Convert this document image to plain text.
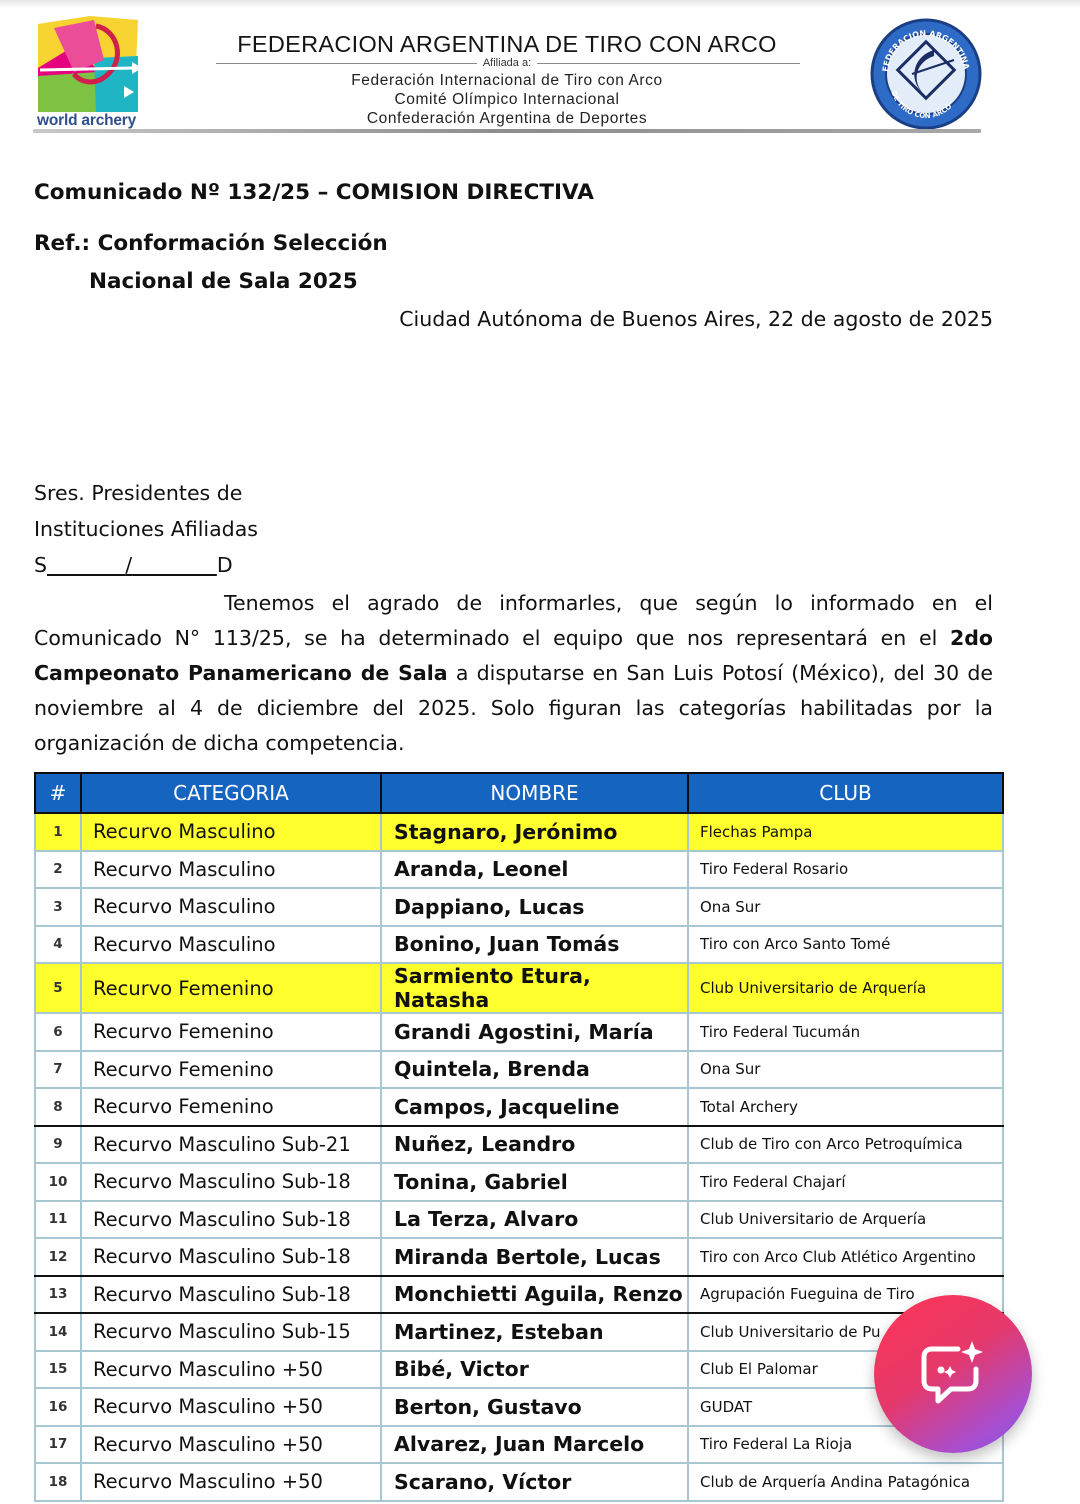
world archery
FEDERACION ARGENTINA DE TIRO CON ARCO
Afiliada a:
Federación Internacional de Tiro con Arco
Comité Olímpico Internacional
Confederación Argentina de Deportes
FEDERACION ARGENTINA
DE TIRO CON ARCO
Comunicado Nº 132/25 – COMISION DIRECTIVA
Ref.: Conformación Selección
Nacional de Sala 2025
Ciudad Autónoma de Buenos Aires, 22 de agosto de 2025
Sres. Presidentes de
Instituciones Afiliadas
S	/	D
Tenemos el agrado de informarles, que según lo informado en el Comunicado N° 113/25, se ha determinado el equipo que nos representará en el 2do Campeonato Panamericano de Sala a disputarse en San Luis Potosí (México), del 30 de noviembre al 4 de diciembre del 2025. Solo figuran las categorías habilitadas por la organización de dicha competencia.
#	CATEGORIA	NOMBRE	CLUB
1	Recurvo Masculino	Stagnaro, Jerónimo	Flechas Pampa
2	Recurvo Masculino	Aranda, Leonel	Tiro Federal Rosario
3	Recurvo Masculino	Dappiano, Lucas	Ona Sur
4	Recurvo Masculino	Bonino, Juan Tomás	Tiro con Arco Santo Tomé
5	Recurvo Femenino	Sarmiento Etura, Natasha	Club Universitario de Arquería
6	Recurvo Femenino	Grandi Agostini, María	Tiro Federal Tucumán
7	Recurvo Femenino	Quintela, Brenda	Ona Sur
8	Recurvo Femenino	Campos, Jacqueline	Total Archery
9	Recurvo Masculino Sub-21	Nuñez, Leandro	Club de Tiro con Arco Petroquímica
10	Recurvo Masculino Sub-18	Tonina, Gabriel	Tiro Federal Chajarí
11	Recurvo Masculino Sub-18	La Terza, Alvaro	Club Universitario de Arquería
12	Recurvo Masculino Sub-18	Miranda Bertole, Lucas	Tiro con Arco Club Atlético Argentino
13	Recurvo Masculino Sub-18	Monchietti Aguila, Renzo	Agrupación Fueguina de Tiro
14	Recurvo Masculino Sub-15	Martinez, Esteban	Club Universitario de Pu
15	Recurvo Masculino +50	Bibé, Victor	Club El Palomar
16	Recurvo Masculino +50	Berton, Gustavo	GUDAT
17	Recurvo Masculino +50	Alvarez, Juan Marcelo	Tiro Federal La Rioja
18	Recurvo Masculino +50	Scarano, Víctor	Club de Arquería Andina Patagónica
